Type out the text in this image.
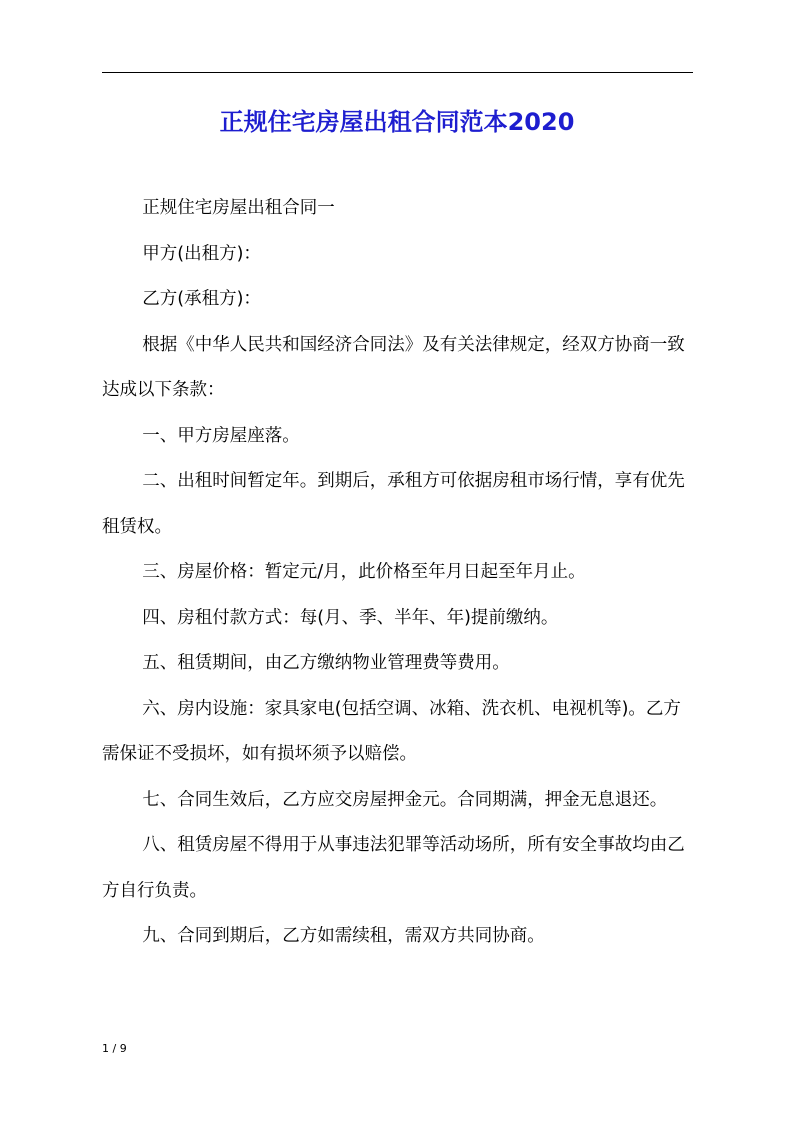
正规住宅房屋出租合同范本2020

正规住宅房屋出租合同一

甲方(出租方)：

乙方(承租方)：

根据《中华人民共和国经济合同法》及有关法律规定，经双方协商一致达成以下条款：

一、甲方房屋座落。

二、出租时间暂定年。到期后，承租方可依据房租市场行情，享有优先租赁权。

三、房屋价格：暂定元/月，此价格至年月日起至年月止。

四、房租付款方式：每(月、季、半年、年)提前缴纳。

五、租赁期间，由乙方缴纳物业管理费等费用。

六、房内设施：家具家电(包括空调、冰箱、洗衣机、电视机等)。乙方需保证不受损坏，如有损坏须予以赔偿。

七、合同生效后，乙方应交房屋押金元。合同期满，押金无息退还。

八、租赁房屋不得用于从事违法犯罪等活动场所，所有安全事故均由乙方自行负责。

九、合同到期后，乙方如需续租，需双方共同协商。

1 / 9
